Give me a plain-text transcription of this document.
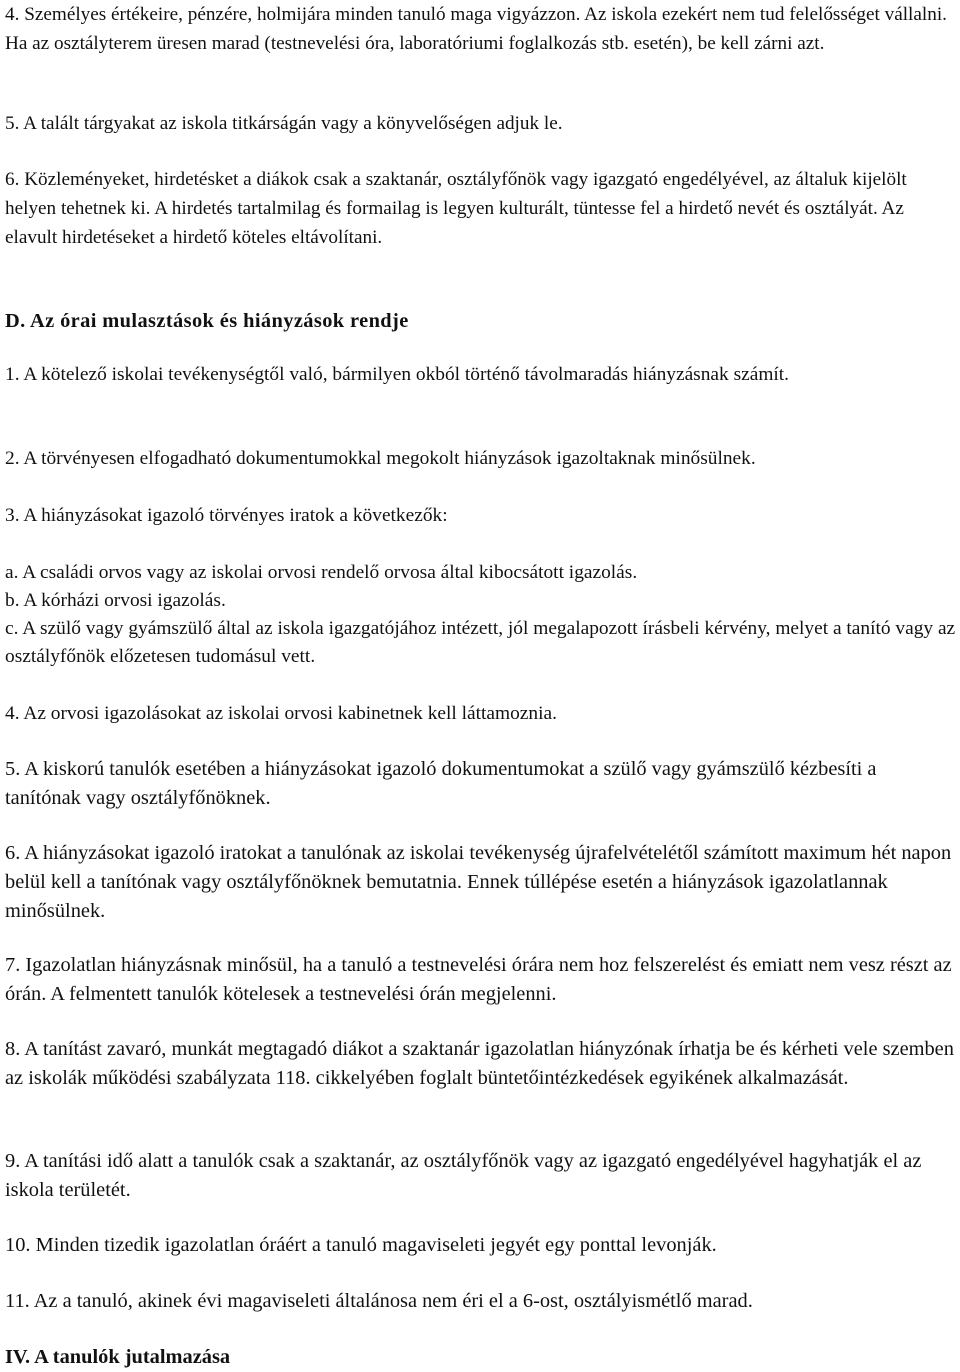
4. Személyes értékeire, pénzére, holmijára minden tanuló maga vigyázzon. Az iskola ezekért nem tud felelősséget vállalni. Ha az osztályterem üresen marad (testnevelési óra, laboratóriumi foglalkozás stb. esetén), be kell zárni azt.

5. A talált tárgyakat az iskola titkárságán vagy a könyvelőségen adjuk le.

6. Közleményeket, hirdetésket a diákok csak a szaktanár, osztályfőnök vagy igazgató engedélyével, az általuk kijelölt helyen tehetnek ki. A hirdetés tartalmilag és formailag is legyen kulturált, tüntesse fel a hirdető nevét és osztályát. Az elavult hirdetéseket a hirdető köteles eltávolítani.

D. Az órai mulasztások és hiányzások rendje

1. A kötelező iskolai tevékenységtől való, bármilyen okból történő távolmaradás hiányzásnak számít.

2. A törvényesen elfogadható dokumentumokkal megokolt hiányzások igazoltaknak minősülnek.

3. A hiányzásokat igazoló törvényes iratok a következők:

a. A családi orvos vagy az iskolai orvosi rendelő orvosa által kibocsátott igazolás.

b. A kórházi orvosi igazolás.

c. A szülő vagy gyámszülő által az iskola igazgatójához intézett, jól megalapozott írásbeli kérvény, melyet a tanító vagy az osztályfőnök előzetesen tudomásul vett.

4. Az orvosi igazolásokat az iskolai orvosi kabinetnek kell láttamoznia.

5. A kiskorú tanulók esetében a hiányzásokat igazoló dokumentumokat a szülő vagy gyámszülő kézbesíti a tanítónak vagy osztályfőnöknek.

6. A hiányzásokat igazoló iratokat a tanulónak az iskolai tevékenység újrafelvételétől számított maximum hét napon belül kell a tanítónak vagy osztályfőnöknek bemutatnia. Ennek túllépése esetén a hiányzások igazolatlannak minősülnek.

7. Igazolatlan hiányzásnak minősül, ha a tanuló a testnevelési órára nem hoz felszerelést és emiatt nem vesz részt az órán. A felmentett tanulók kötelesek a testnevelési órán megjelenni.

8. A tanítást zavaró, munkát megtagadó diákot a szaktanár igazolatlan hiányzónak írhatja be és kérheti vele szemben az iskolák működési szabályzata 118. cikkelyében foglalt büntetőintézkedések egyikének alkalmazását.

9. A tanítási idő alatt a tanulók csak a szaktanár, az osztályfőnök vagy az igazgató engedélyével hagyhatják el az iskola területét.

10. Minden tizedik igazolatlan óráért a tanuló magaviseleti jegyét egy ponttal levonják.

11. Az a tanuló, akinek évi magaviseleti általánosa nem éri el a 6-ost, osztályismétlő marad.

IV. A tanulók jutalmazása
